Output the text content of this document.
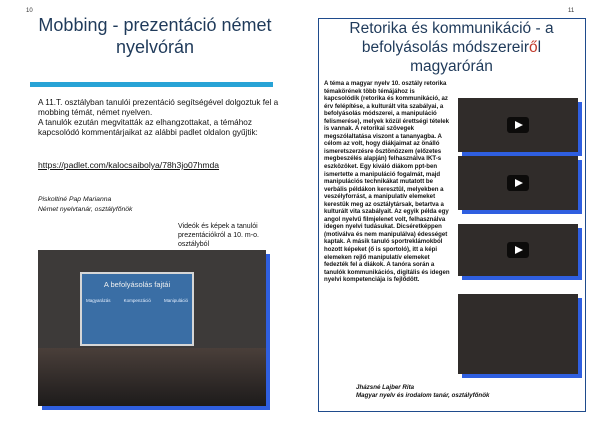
10
Mobbing - prezentáció német nyelvórán

A 11.T. osztályban tanulói prezentáció segítségével dolgoztuk fel a mobbing témát, német nyelven.

A tanulók ezután megvitatták az elhangzottakat, a témához kapcsolódó kommentárjaikat az alábbi padlet oldalon gyűjtik:

https://padlet.com/kalocsaibolya/78h3jo07hmda
Piskoltiné Pap Marianna
Német nyelvtanár, osztályfőnök
Videók és képek a tanulói prezentációkról a 10. m-o. osztályból
A befolyásolás fajtái
Magyarázás	Kompenzáció	Manipuláció
11
Retorika és kommunikáció - a befolyásolás módszereiről magyarórán

A téma a magyar nyelv 10. osztály retorika témakörének több témájához is kapcsolódik (retorika és kommunikáció, az érv felépítése, a kulturált vita szabályai, a befolyásolás módszerei, a manipuláció felismerése), melyek közül érettségi tételek is vannak. A retorikai szövegek megszólaltatása viszont a tananyagba. A célom az volt, hogy diákjaimat az önálló ismeretszerzésre ösztönözzem (előzetes megbeszélés alapján) felhasználva IKT-s eszközöket. Egy kiváló diákom ppt-ben ismertette a manipuláció fogalmát, majd manipulációs technikákat mutatott be verbális példákon keresztül, melyekben a veszélyforrást, a manipulatív elemeket kerestük meg az osztálytársak, betartva a kulturált vita szabályait. Az egyik példa egy angol nyelvű filmjelenet volt, felhasználva idegen nyelvi tudásukat. Dicséretképpen (motiválva és nem manipulálva) édességet kaptak. A másik tanuló sportreklámokból hozott képeket (ő is sportoló), itt a képi elemeken rejlő manipulatív elemeket fedezték fel a diákok. A tanóra során a tanulók kommunikációs, digitális és idegen nyelvi kompetenciája is fejlődött.

Jházsné Lajber Rita
Magyar nyelv és irodalom tanár, osztályfőnök
